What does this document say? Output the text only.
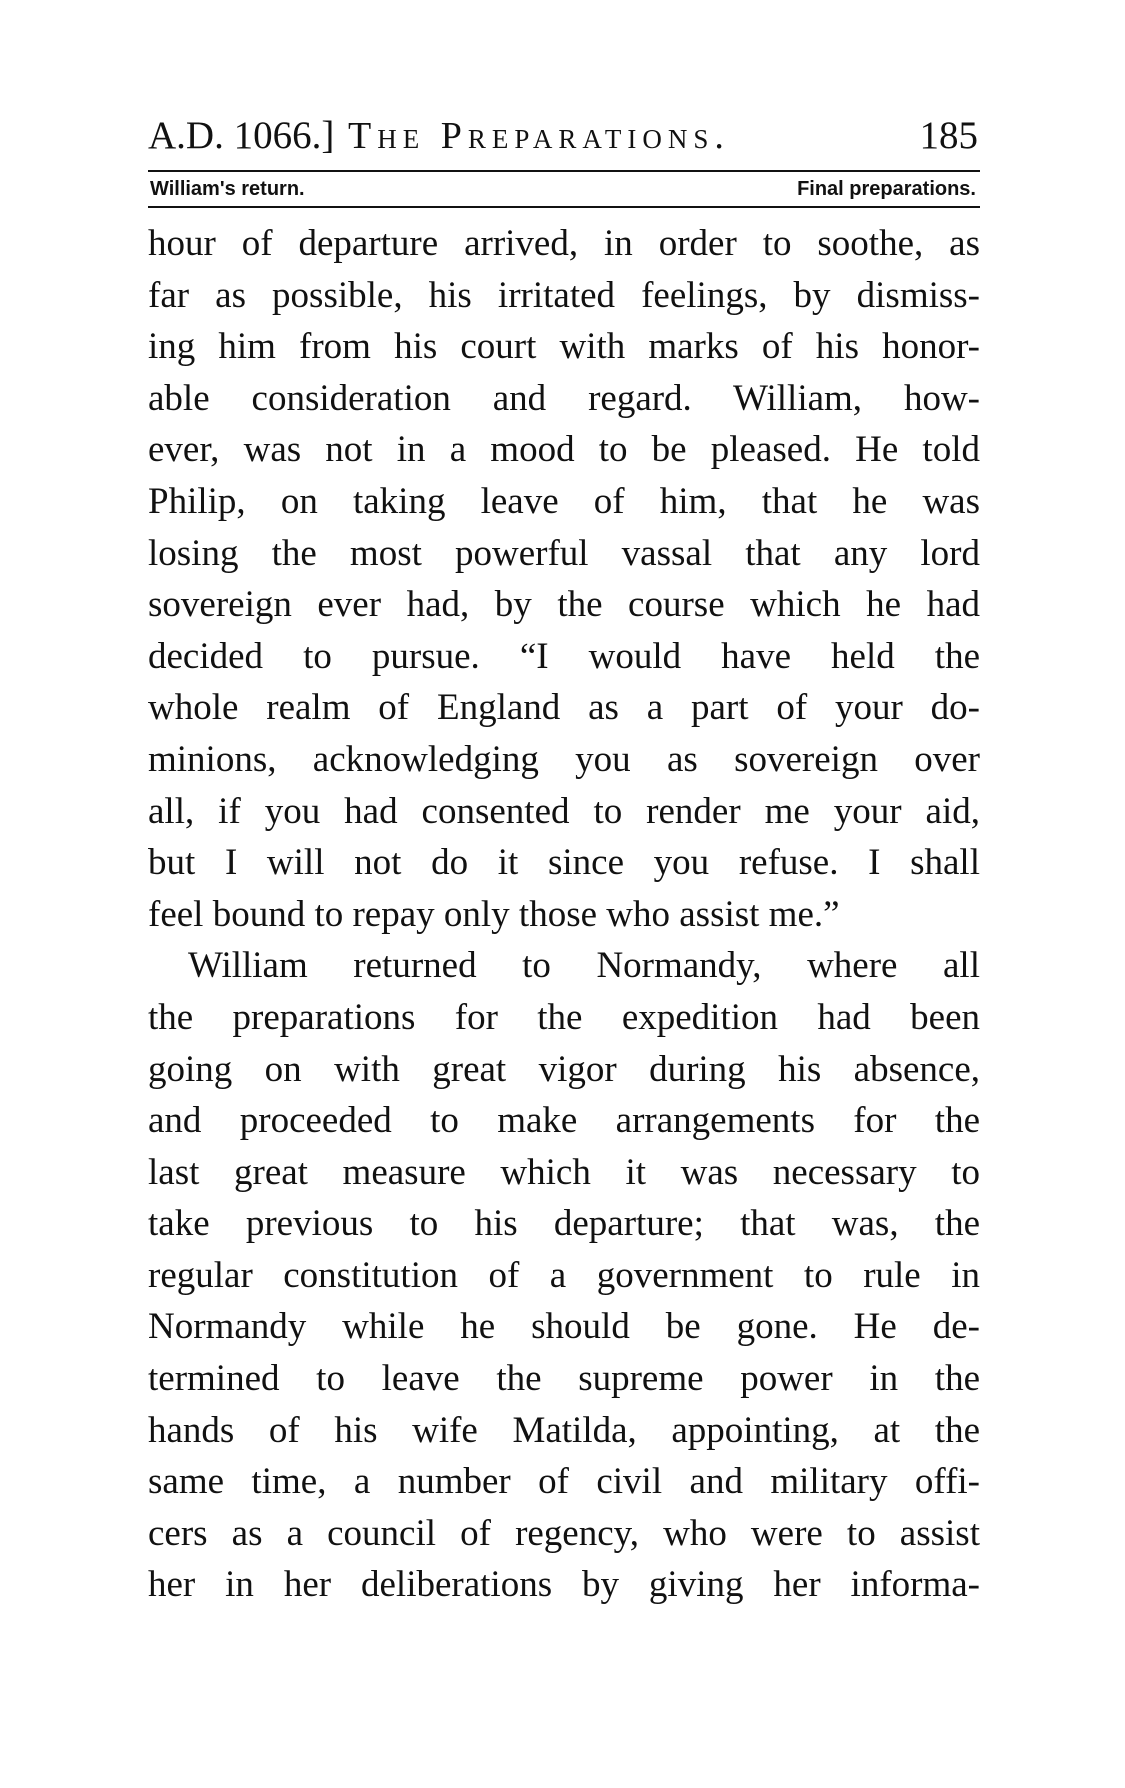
A.D. 1066.] The Preparations.	185
William's return.	Final preparations.
hour of departure arrived, in order to soothe, as
far as possible, his irritated feelings, by dismiss-
ing him from his court with marks of his honor-
able consideration and regard. William, how-
ever, was not in a mood to be pleased. He told
Philip, on taking leave of him, that he was
losing the most powerful vassal that any lord
sovereign ever had, by the course which he had
decided to pursue. “I would have held the
whole realm of England as a part of your do-
minions, acknowledging you as sovereign over
all, if you had consented to render me your aid,
but I will not do it since you refuse. I shall
feel bound to repay only those who assist me.”
William returned to Normandy, where all
the preparations for the expedition had been
going on with great vigor during his absence,
and proceeded to make arrangements for the
last great measure which it was necessary to
take previous to his departure; that was, the
regular constitution of a government to rule in
Normandy while he should be gone. He de-
termined to leave the supreme power in the
hands of his wife Matilda, appointing, at the
same time, a number of civil and military offi-
cers as a council of regency, who were to assist
her in her deliberations by giving her informa-
